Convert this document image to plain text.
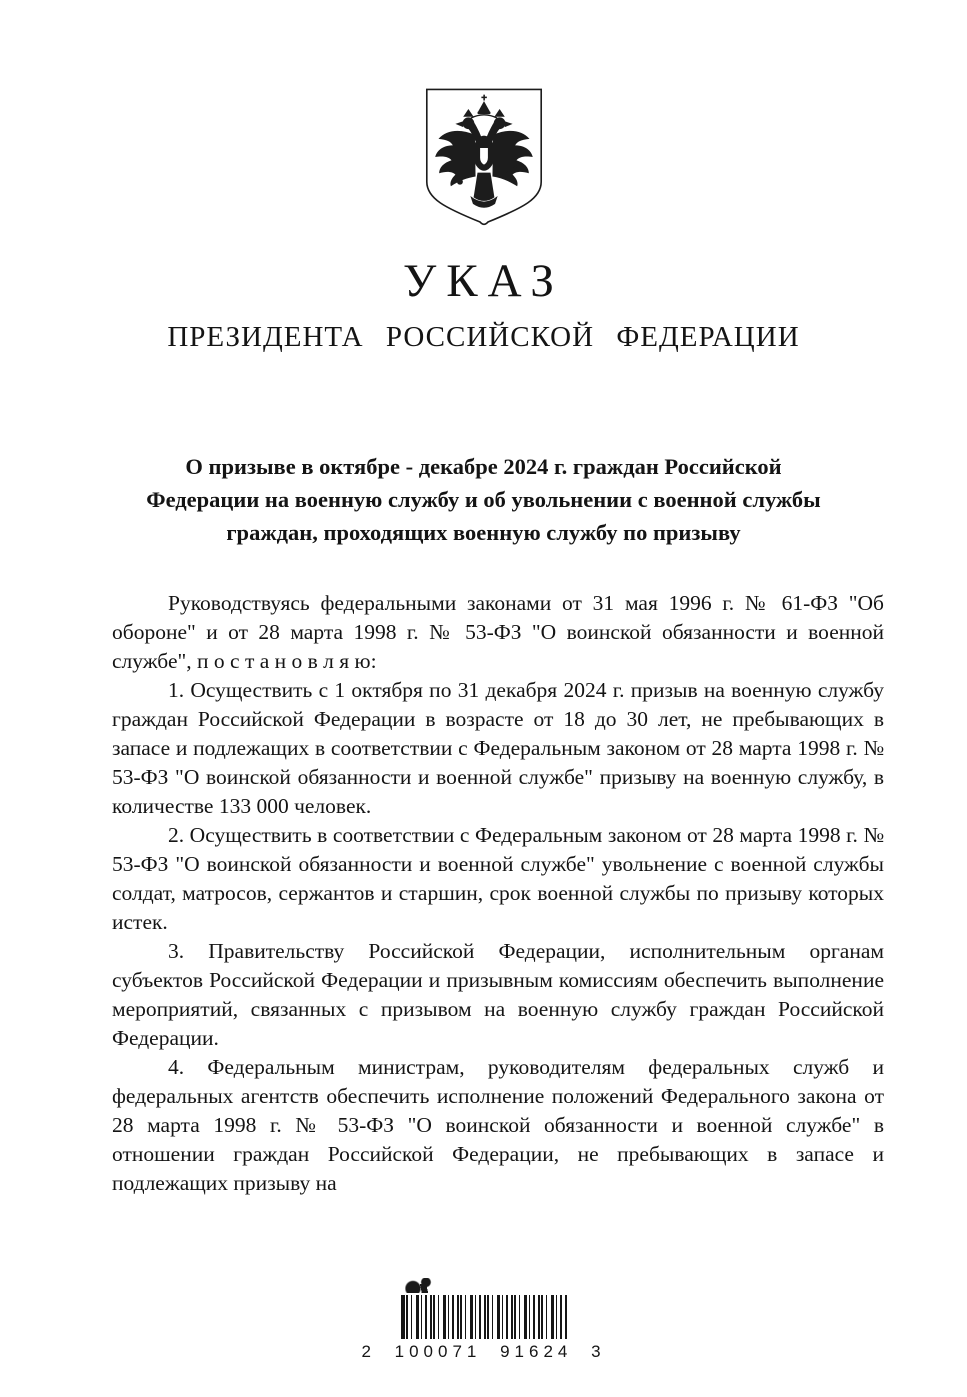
УКАЗ
ПРЕЗИДЕНТА РОССИЙСКОЙ ФЕДЕРАЦИИ
О призыве в октябре - декабре 2024 г. граждан Российской Федерации на военную службу и об увольнении с военной службы граждан, проходящих военную службу по призыву

Руководствуясь федеральными законами от 31 мая 1996 г. № 61-ФЗ "Об обороне" и от 28 марта 1998 г. № 53-ФЗ "О воинской обязанности и военной службе", п о с т а н о в л я ю:

1. Осуществить с 1 октября по 31 декабря 2024 г. призыв на военную службу граждан Российской Федерации в возрасте от 18 до 30 лет, не пребывающих в запасе и подлежащих в соответствии с Федеральным законом от 28 марта 1998 г. № 53-ФЗ "О воинской обязанности и военной службе" призыву на военную службу, в количестве 133 000 человек.

2. Осуществить в соответствии с Федеральным законом от 28 марта 1998 г. № 53-ФЗ "О воинской обязанности и военной службе" увольнение с военной службы солдат, матросов, сержантов и старшин, срок военной службы по призыву которых истек.

3. Правительству Российской Федерации, исполнительным органам субъектов Российской Федерации и призывным комиссиям обеспечить выполнение мероприятий, связанных с призывом на военную службу граждан Российской Федерации.

4. Федеральным министрам, руководителям федеральных служб и федеральных агентств обеспечить исполнение положений Федерального закона от 28 марта 1998 г. № 53-ФЗ "О воинской обязанности и военной службе" в отношении граждан Российской Федерации, не пребывающих в запасе и подлежащих призыву на

2 100071 91624 3
